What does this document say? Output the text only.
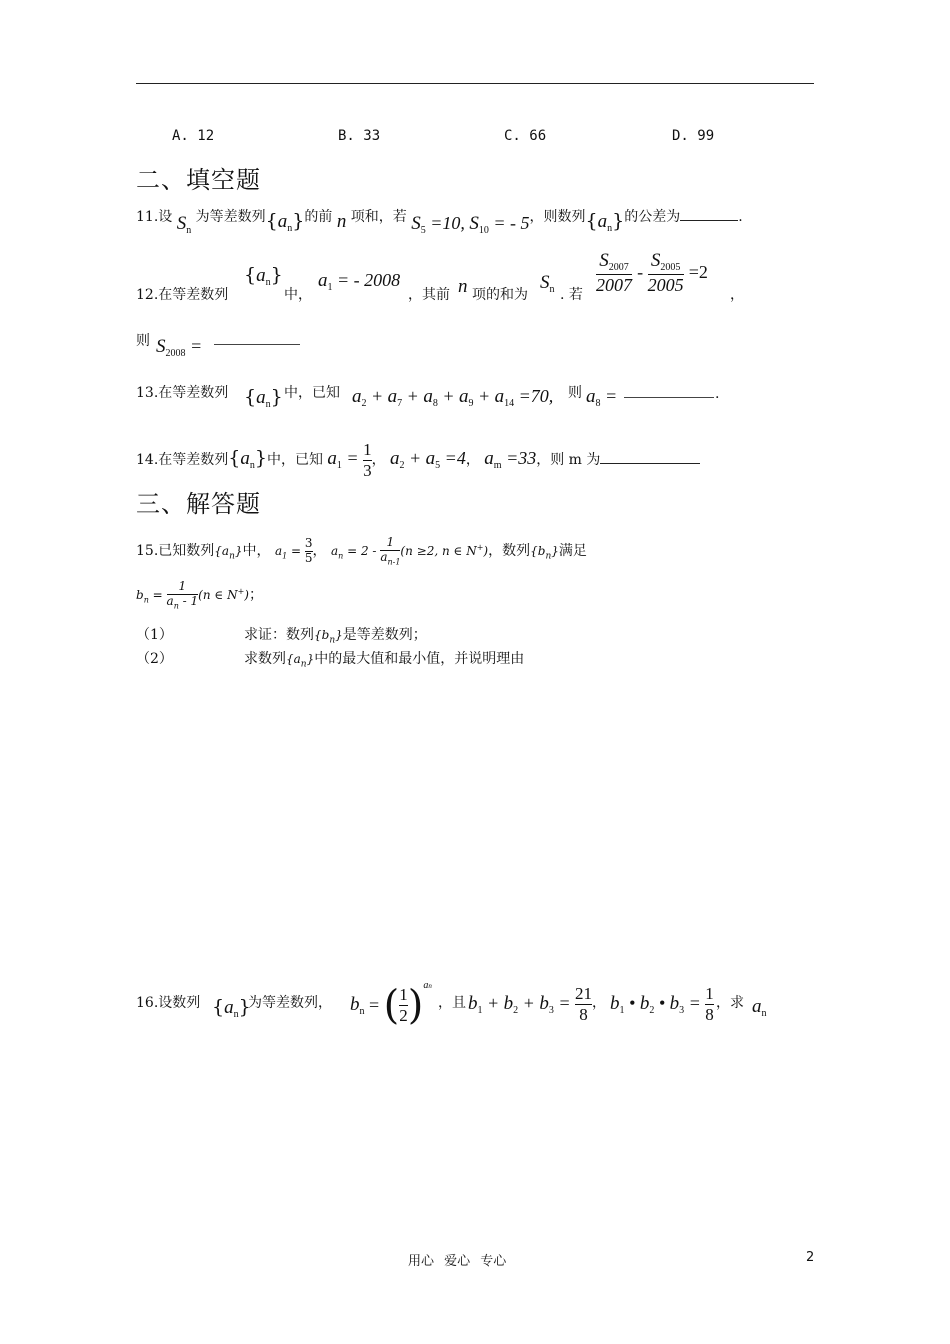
A. 12	B. 33	C. 66	D. 99
二、填空题
11.设 $S_n$ 为等差数列$\{a_n\}$的前 n 项和，若 $S_5 =10$, $S_{10}$ = - 5，则数列$\{a_n\}$的公差为	.
12.在等差数列
$\{a_n\}$
中，
$a_1$ = - 2008
，其前 n 项的和为
$S_n$ . 若 $\frac{S_{2007}}{2007} - \frac{S_{2005}}{2005} =2$
，
则 $S_{2008}$ =
13.在等差数列 $\{a_n\}$ 中，已知 $a_2 + a_7 + a_8 + a_9 + a_{14} =70$, 则 $a_8$ =	.
14.在等差数列$\{a_n\}$中，已知 $a_1 = \frac{1}{3}$ ， $a_2 + a_5 =4$， $a_m =33$，则 m 为
三、解答题
15.已知数列$\{a_n\}$中， $a_1 = \frac{3}{5}$ ， $a_n = 2 - \frac{1}{a_{n-1}} (n \ge 2$, n ∈ N+)，数列$\{b_n\}$满足
$b_n = \frac{1}{a_n - 1} (n$ ∈ N+)；
（1）	求证：数列$\{b_n\}$是等差数列；
（2）	求数列$\{a_n\}$中的最大值和最小值，并说明理由
16.设数列 $\{a_n\}$
为等差数列， $b_n$ = ( $\frac{1}{2} )^{an}$
，且 $b_1 + b_2 + b_3 = \frac{21}{8}$ ， $b_1$ • $b_2$ • $b_3 = \frac{1}{8}$ ，求 $a_n$
用心 爱心 专心	2
